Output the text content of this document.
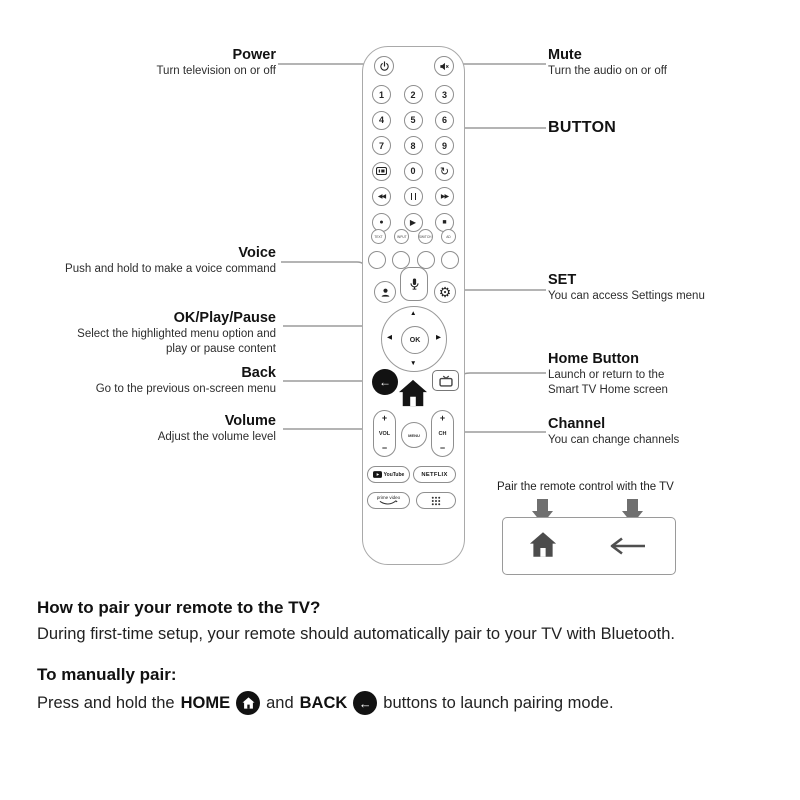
Power
Turn television on or off
Voice
Push and hold to make a voice command
OK/Play/Pause
Select the highlighted menu option and
play or pause content
Back
Go to the previous on-screen menu
Volume
Adjust the volume level
Mute
Turn the audio on or off
BUTTON
SET
You can access Settings menu
Home Button
Launch or return to the
Smart TV Home screen
Channel
You can change channels
1	2	3
4	5	6
7	8	9
0	↻
◀◀	▶▶
●	▶	■
TEXT	INPUT	SWITCH	AD
⚙
OK
▲
▼
◀	▶
←
+
VOL
−
MENU
+
CH
−
YouTube	NETFLIX
prime video
Pair the remote control with the TV
How to pair your remote to the TV?
During first-time setup, your remote should automatically pair to your TV with Bluetooth.
To manually pair:
Press and hold the HOME and BACK ← buttons to launch pairing mode.
